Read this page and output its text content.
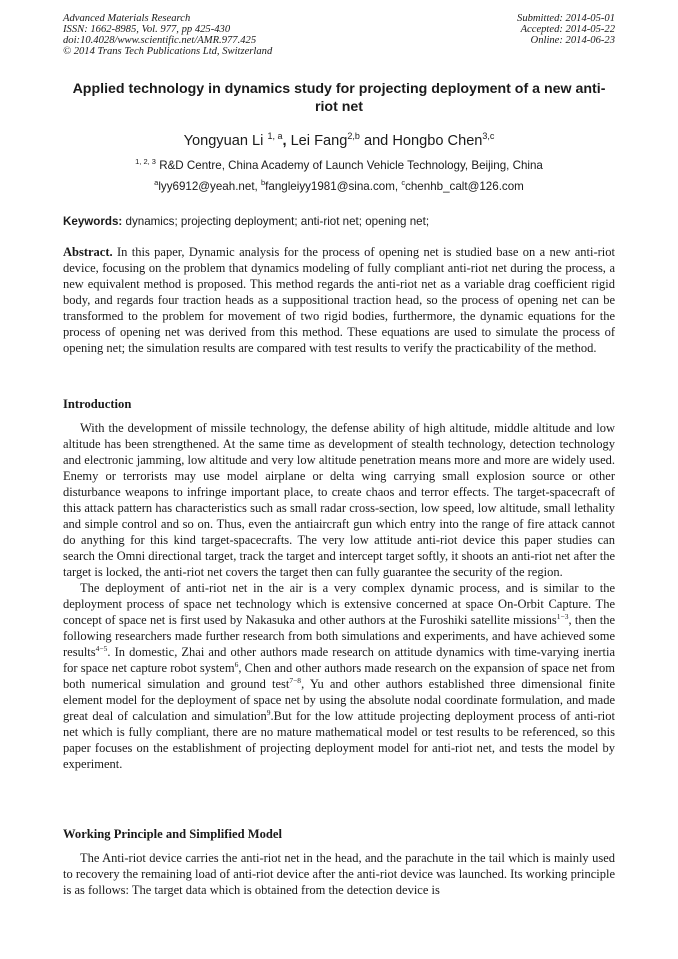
Advanced Materials Research
ISSN: 1662-8985, Vol. 977, pp 425-430
doi:10.4028/www.scientific.net/AMR.977.425
© 2014 Trans Tech Publications Ltd, Switzerland
Submitted: 2014-05-01
Accepted: 2014-05-22
Online: 2014-06-23
Applied technology in dynamics study for projecting deployment of a new anti-riot net
Yongyuan Li $^{1, a}$, Lei Fang$^{2,b}$ and Hongbo Chen$^{3,c}$
$^{1, 2, 3}$ R&D Centre, China Academy of Launch Vehicle Technology, Beijing, China
$^a$lyy6912@yeah.net, $^b$fangleiyy1981@sina.com, $^c$chenhb_calt@126.com
Keywords: dynamics; projecting deployment; anti-riot net; opening net;

Abstract. In this paper, Dynamic analysis for the process of opening net is studied base on a new anti-riot device, focusing on the problem that dynamics modeling of fully compliant anti-riot net during the process, a new equivalent method is proposed. This method regards the anti-riot net as a variable drag coefficient rigid body, and regards four traction heads as a suppositional traction head, so the process of opening net can be transformed to the problem for movement of two rigid bodies, furthermore, the dynamic equations for the process of opening net was derived from this method. These equations are used to simulate the process of opening net; the simulation results are compared with test results to verify the practicability of the method.

Introduction

With the development of missile technology, the defense ability of high altitude, middle altitude and low altitude has been strengthened. At the same time as development of stealth technology, detection technology and electronic jamming, low altitude and very low altitude penetration means more and more are widely used. Enemy or terrorists may use model airplane or delta wing carrying small explosion source or other disturbance weapons to infringe important place, to create chaos and terror effects. The target-spacecraft of this attack pattern has characteristics such as small radar cross-section, low speed, low altitude, small lethality and simple control and so on. Thus, even the antiaircraft gun which entry into the range of fire attack cannot do anything for this kind target-spacecrafts. The very low attitude anti-riot device this paper studies can search the Omni directional target, track the target and intercept target softly, it shoots an anti-riot net after the target is locked, the anti-riot net covers the target then can fully guarantee the security of the region.

The deployment of anti-riot net in the air is a very complex dynamic process, and is similar to the deployment process of space net technology which is extensive concerned at space On-Orbit Capture. The concept of space net is first used by Nakasuka and other authors at the Furoshiki satellite missions$^{1-3}$, then the following researchers made further research from both simulations and experiments, and have achieved some results$^{4-5}$. In domestic, Zhai and other authors made research on attitude dynamics with time-varying inertia for space net capture robot system$^6$, Chen and other authors made research on the expansion of space net from both numerical simulation and ground test$^{7-8}$, Yu and other authors established three dimensional finite element model for the deployment of space net by using the absolute nodal coordinate formulation, and made great deal of calculation and simulation$^9$.But for the low attitude projecting deployment process of anti-riot net which is fully compliant, there are no mature mathematical model or test results to be referenced, so this paper focuses on the establishment of projecting deployment model for anti-riot net, and tests the model by experiment.

Working Principle and Simplified Model

The Anti-riot device carries the anti-riot net in the head, and the parachute in the tail which is mainly used to recovery the remaining load of anti-riot device after the anti-riot device was launched. Its working principle is as follows: The target data which is obtained from the detection device is
